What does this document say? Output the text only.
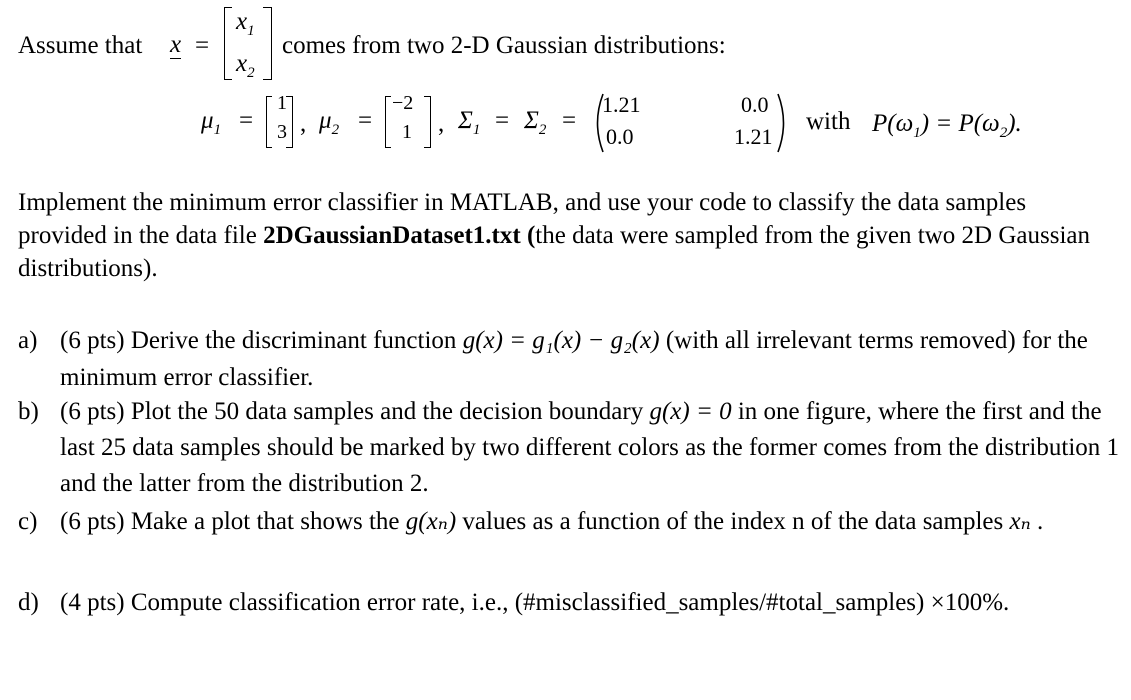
Assume that x =
$x_1$
$x_2$
comes from two 2-D Gaussian distributions:
$\mu_1$ =
1
3 , $\mu_2$ =
−2
1 , $\Sigma_1 = \Sigma_2$ =
1.21	0.0
0.0	1.21
with $P(\omega_1) = P(\omega_2)$.
Implement the minimum error classifier in MATLAB, and use your code to classify the data samples provided in the data file 2DGaussianDataset1.txt (the data were sampled from the given two 2D Gaussian distributions).
a) (6 pts) Derive the discriminant function g(x) = g₁(x) − g₂(x) (with all irrelevant terms removed) for the minimum error classifier.
b) (6 pts) Plot the 50 data samples and the decision boundary g(x) = 0 in one figure, where the first and the last 25 data samples should be marked by two different colors as the former comes from the distribution 1 and the latter from the distribution 2.
c) (6 pts) Make a plot that shows the g(xₙ) values as a function of the index n of the data samples xₙ .
d) (4 pts) Compute classification error rate, i.e., (#misclassified_samples/#total_samples) ×100%.
